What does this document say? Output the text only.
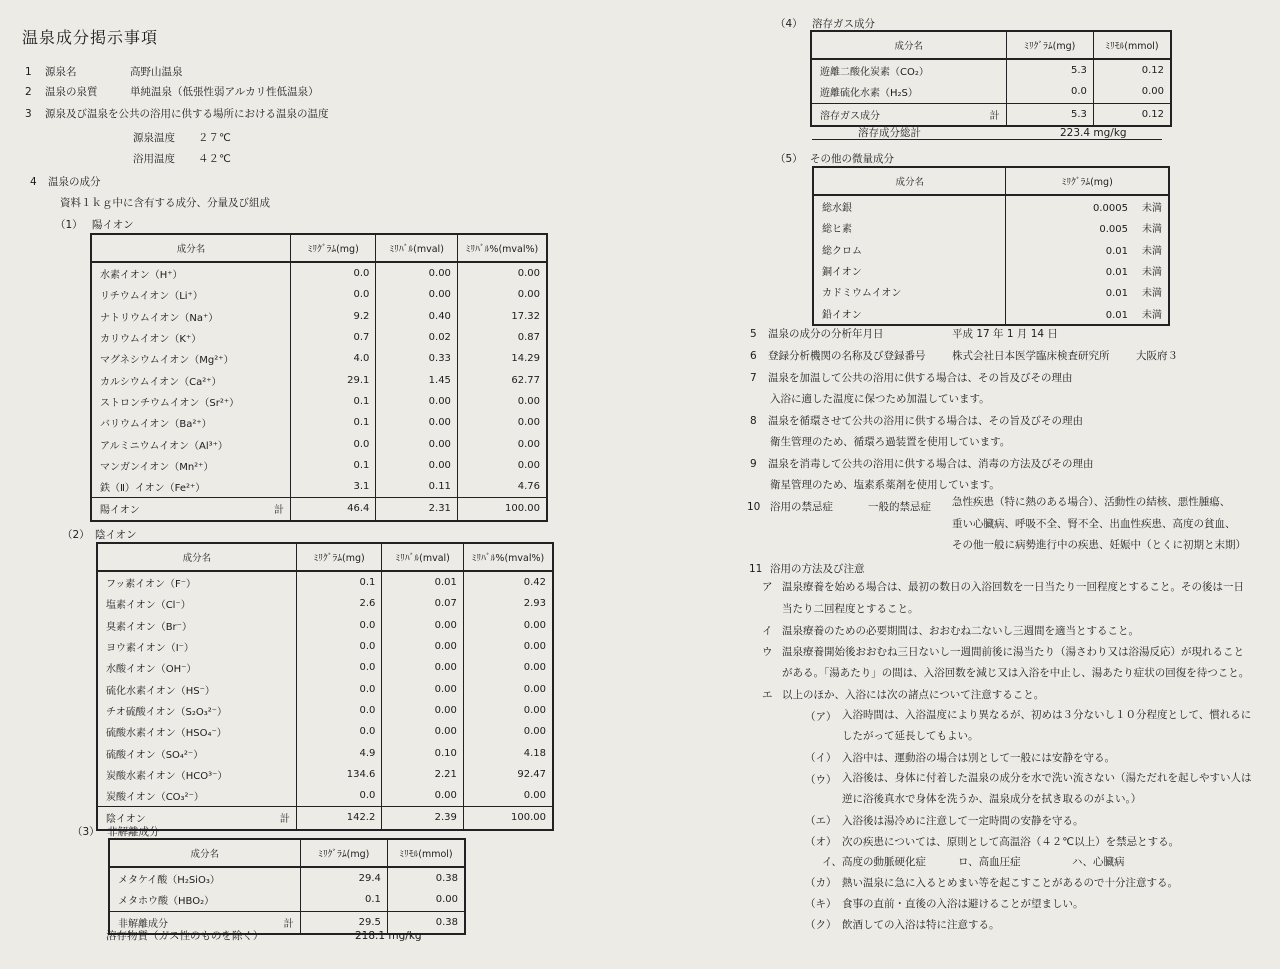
温泉成分掲示事項
1 源泉名	高野山温泉
2 温泉の泉質	単純温泉（低張性弱アルカリ性低温泉）
3 源泉及び温泉を公共の浴用に供する場所における温泉の温度
源泉温度 ２７℃
浴用温度 ４２℃
4 温泉の成分
資料１ｋｇ中に含有する成分、分量及び組成
（1） 陽イオン
成分名	ﾐﾘｸﾞﾗﾑ(mg)	ﾐﾘﾊﾞﾙ(mval)	ﾐﾘﾊﾞﾙ%(mval%)
水素イオン（H⁺）	0.0	0.00	0.00
リチウムイオン（Li⁺）	0.0	0.00	0.00
ナトリウムイオン（Na⁺）	9.2	0.40	17.32
カリウムイオン（K⁺）	0.7	0.02	0.87
マグネシウムイオン（Mg²⁺）	4.0	0.33	14.29
カルシウムイオン（Ca²⁺）	29.1	1.45	62.77
ストロンチウムイオン（Sr²⁺）	0.1	0.00	0.00
バリウムイオン（Ba²⁺）	0.1	0.00	0.00
アルミニウムイオン（Al³⁺）	0.0	0.00	0.00
マンガンイオン（Mn²⁺）	0.1	0.00	0.00
鉄（Ⅱ）イオン（Fe²⁺）	3.1	0.11	4.76
陽イオン 計	46.4	2.31	100.00
（2） 陰イオン
成分名	ﾐﾘｸﾞﾗﾑ(mg)	ﾐﾘﾊﾞﾙ(mval)	ﾐﾘﾊﾞﾙ%(mval%)
フッ素イオン（F⁻）	0.1	0.01	0.42
塩素イオン（Cl⁻）	2.6	0.07	2.93
臭素イオン（Br⁻）	0.0	0.00	0.00
ヨウ素イオン（I⁻）	0.0	0.00	0.00
水酸イオン（OH⁻）	0.0	0.00	0.00
硫化水素イオン（HS⁻）	0.0	0.00	0.00
チオ硫酸イオン（S₂O₃²⁻）	0.0	0.00	0.00
硫酸水素イオン（HSO₄⁻）	0.0	0.00	0.00
硫酸イオン（SO₄²⁻）	4.9	0.10	4.18
炭酸水素イオン（HCO³⁻）	134.6	2.21	92.47
炭酸イオン（CO₃²⁻）	0.0	0.00	0.00
陰イオン 計	142.2	2.39	100.00
（3） 非解離成分
成分名	ﾐﾘｸﾞﾗﾑ(mg)	ﾐﾘﾓﾙ(mmol)
メタケイ酸（H₂SiO₃）	29.4	0.38
メタホウ酸（HBO₂）	0.1	0.00
非解離成分 計	29.5	0.38
溶存物質（ガス性のものを除く）	218.1 mg/kg
（4） 溶存ガス成分
成分名	ﾐﾘｸﾞﾗﾑ(mg)	ﾐﾘﾓﾙ(mmol)
遊離二酸化炭素（CO₂）	5.3	0.12
遊離硫化水素（H₂S）	0.0	0.00
溶存ガス成分 計	5.3	0.12
溶存成分総計	223.4 mg/kg
（5） その他の微量成分
成分名	ﾐﾘｸﾞﾗﾑ(mg)
総水銀	0.0005 未満
総ヒ素	0.005 未満
総クロム	0.01 未満
銅イオン	0.01 未満
カドミウムイオン	0.01 未満
鉛イオン	0.01 未満
5 温泉の成分の分析年月日	平成 17 年 1 月 14 日
6 登録分析機関の名称及び登録番号	株式会社日本医学臨床検査研究所	大阪府３
7 温泉を加温して公共の浴用に供する場合は、その旨及びその理由
入浴に適した温度に保つため加温しています。
8 温泉を循環させて公共の浴用に供する場合は、その旨及びその理由
衛生管理のため、循環ろ過装置を使用しています。
9 温泉を消毒して公共の浴用に供する場合は、消毒の方法及びその理由
衛星管理のため、塩素系薬剤を使用しています。
10 浴用の禁忌症	一般的禁忌症 急性疾患（特に熱のある場合）、活動性の結核、悪性腫瘍、
重い心臓病、呼吸不全、腎不全、出血性疾患、高度の貧血、
その他一般に病勢進行中の疾患、妊娠中（とくに初期と末期）
11 浴用の方法及び注意
ア 温泉療養を始める場合は、最初の数日の入浴回数を一日当たり一回程度とすること。その後は一日
当たり二回程度とすること。
イ 温泉療養のための必要期間は、おおむね二ないし三週間を適当とすること。
ウ 温泉療養開始後おおむね三日ないし一週間前後に湯当たり（湯さわり又は浴湯反応）が現れること
がある。「湯あたり」の間は、入浴回数を減じ又は入浴を中止し、湯あたり症状の回復を待つこと。
エ 以上のほか、入浴には次の諸点について注意すること。
（ア） 入浴時間は、入浴温度により異なるが、初めは３分ないし１０分程度として、慣れるに
したがって延長してもよい。
（イ） 入浴中は、運動浴の場合は別として一般には安静を守る。
（ウ） 入浴後は、身体に付着した温泉の成分を水で洗い流さない（湯ただれを起しやすい人は
逆に浴後真水で身体を洗うか、温泉成分を拭き取るのがよい。）
（エ） 入浴後は湯冷めに注意して一定時間の安静を守る。
（オ） 次の疾患については、原則として高温浴（４２℃以上）を禁忌とする。
イ、高度の動脈硬化症	ロ、高血圧症	ハ、心臓病
（カ） 熱い温泉に急に入るとめまい等を起こすことがあるので十分注意する。
（キ） 食事の直前・直後の入浴は避けることが望ましい。
（ク） 飲酒しての入浴は特に注意する。
